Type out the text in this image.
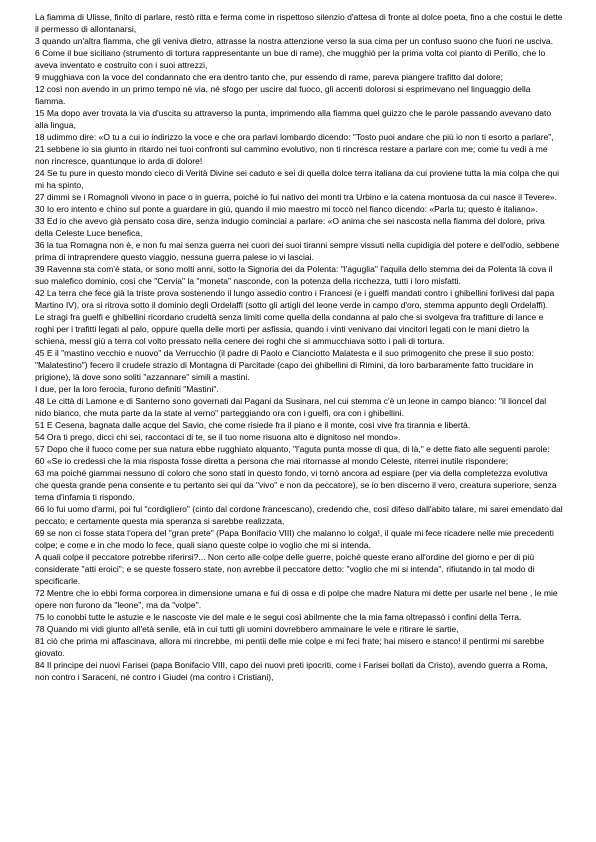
La fiamma di Ulisse, finito di parlare, restò ritta e ferma come in rispettoso silenzio d'attesa di fronte al dolce poeta, fino a che costui le dette il permesso di allontanarsi,

3 quando un'altra fiamma, che gli veniva dietro, attrasse la nostra attenzione verso la sua cima per un confuso suono che fuori ne usciva.

6 Come il bue siciliano (strumento di tortura rappresentante un bue di rame), che mugghiò per la prima volta col pianto di Perillo, che lo aveva inventato e costruito con i suoi attrezzi,

9 mugghiava con la voce del condannato che era dentro tanto che, pur essendo di rame, pareva piangere trafitto dal dolore;

12 così non avendo in un primo tempo né via, né sfogo per uscire dal fuoco, gli accenti dolorosi si esprimevano nel linguaggio della fiamma.

15 Ma dopo aver trovata la via d'uscita su attraverso la punta, imprimendo alla fiamma quel guizzo che le parole passando avevano dato alla lingua,

18 udimmo dire: «O tu a cui io indirizzo la voce e che ora parlavi lombardo dicendo: "Tosto puoi andare che più io non ti esorto a parlare",

21 sebbene io sia giunto in ritardo nei tuoi confronti sul cammino evolutivo, non ti rincresca restare a parlare con me; come tu vedi a me non rincresce, quantunque io arda di dolore!

24 Se tu pure in questo mondo cieco di Verità Divine sei caduto e sei di quella dolce terra italiana da cui proviene tutta la mia colpa che qui mi ha spinto,

27 dimmi se i Romagnoli vivono in pace o in guerra, poiché io fui nativo dei monti tra Urbino e la catena montuosa da cui nasce il Tevere».

30 Io ero intento e chino sul ponte a guardare in giù, quando il mio maestro mi toccò nel fianco dicendo: «Parla tu; questo è italiano».

33 Ed io che avevo già pensato cosa dire, senza indugio cominciai a parlare: «O anima che sei nascosta nella fiamma del dolore, priva della Celeste Luce benefica,

36 la tua Romagna non è, e non fu mai senza guerra nei cuori dei suoi tiranni sempre vissuti nella cupidigia del potere e dell'odio, sebbene prima di intraprendere questo viaggio, nessuna guerra palese io vi lasciai.

39 Ravenna sta com'è stata, or sono molti anni, sotto la Signoria dei da Polenta: "l'aguglia" l'aquila dello stemma dei da Polenta là cova il suo malefico dominio, così che "Cervia" la "moneta" nasconde, con la potenza della ricchezza, tutti i loro misfatti.

42 La terra che fece già la triste prova sostenendo il lungo assedio contro i Francesi (e i guelfi mandati contro i ghibellini forlivesi dal papa Martino IV), ora si ritrova sotto il dominio degli Ordelaffi (sotto gli artigli del leone verde in campo d'oro, stemma appunto degli Ordelaffi).

Le stragi fra guelfi e ghibellini ricordano crudeltà senza limiti come quella della condanna al palo che si svolgeva fra trafitture di lance e roghi per i trafitti legati al palo, oppure quella delle morti per asfissia, quando i vinti venivano dai vincitori legati con le mani dietro la schiena, messi giù a terra col volto pressato nella cenere dei roghi che si ammucchiava sotto i pali di tortura.

45 E il "mastino vecchio e nuovo" da Verrucchio (il padre di Paolo e Cianciotto Malatesta e il suo primogenito che prese il suo posto: "Malatestino") fecero il crudele strazio di Montagna di Parcitade (capo dei ghibellini di Rimini, da loro barbaramente fatto trucidare in prigione), là dove sono soliti "azzannare" simili a mastini.

I due, per la loro ferocia, furono definiti "Mastini".

48 Le città di Lamone e di Santerno sono governati dai Pagani da Susinara, nel cui stemma c'è un leone in campo bianco: "il lioncel dal nido bianco, che muta parte da la state al verno" parteggiando ora con i guelfi, ora con i ghibellini.

51 E Cesena, bagnata dalle acque del Savio, che come risiede fra il piano e il monte, così vive fra tirannia e libertà.

54 Ora ti prego, dicci chi sei, raccontaci di te, se il tuo nome risuona alto e dignitoso nel mondo».

57 Dopo che il fuoco come per sua natura ebbe rugghiato alquanto, "l'aguta punta mosse di qua, di là," e dette fiato alle seguenti parole:

60 «Se io credessi che la mia risposta fosse diretta a persona che mai ritornasse al mondo Celeste, riterrei inutile rispondere;

63 ma poiché giammai nessuno di coloro che sono stati in questo fondo, vi tornò ancora ad espiare (per via della completezza evolutiva che questa grande pena consente e tu pertanto sei qui da "vivo" e non da peccatore), se io ben discerno il vero, creatura superiore, senza tema d'infamia ti rispondo.

66 Io fui uomo d'armi, poi fui "cordigliero" (cinto dal cordone francescano), credendo che, così difeso dall'abito talare, mi sarei emendato dal peccato; e certamente questa mia speranza si sarebbe realizzata,

69 se non ci fosse stata l'opera del "gran prete" (Papa Bonifacio VIII) che malanno lo colga!, il quale mi fece ricadere nelle mie precedenti colpe; e come e in che modo lo fece, quali siano queste colpe io voglio che mi si intenda.

A quali colpe il peccatore potrebbe riferirsi?... Non certo alle colpe delle guerre, poiché queste erano all'ordine del giorno e per di più considerate "atti eroici"; e se queste fossero state, non avrebbe il peccatore detto: "voglio che mi si intenda", rifiutando in tal modo di specificarle.

72 Mentre che io ebbi forma corporea in dimensione umana e fui di ossa e di polpe che madre Natura mi dette per usarle nel bene , le mie opere non furono da "leone", ma da "volpe".

75 Io conobbi tutte le astuzie e le nascoste vie del male e le segui così abilmente che la mia fama oltrepassò i confini della Terra.

78 Quando mi vidi giunto all'età senile, età in cui tutti gli uomini dovrebbero ammainare le vele e ritirare le sartie,

81 ciò che prima mi affascinava, allora mi rincrebbe, mi pentii delle mie colpe e mi feci frate; hai misero e stanco! il pentirmi mi sarebbe giovato.

84 Il principe dei nuovi Farisei (papa Bonifacio VIII, capo dei nuovi preti ipocriti, come i Farisei bollati da Cristo), avendo guerra a Roma, non contro i Saraceni, né contro i Giudei (ma contro i Cristiani),
